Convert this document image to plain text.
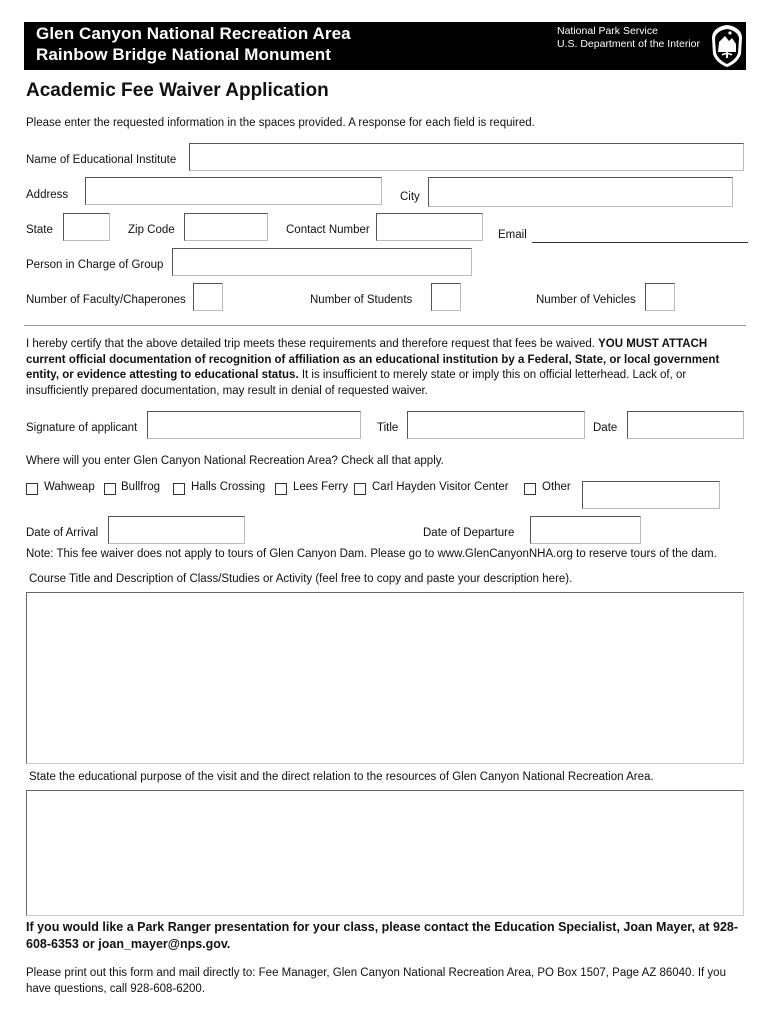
Glen Canyon National Recreation Area
Rainbow Bridge National Monument
National Park Service
U.S. Department of the Interior
Academic Fee Waiver Application
Please enter the requested information in the spaces provided. A response for each field is required.
Name of Educational Institute
Address	City
State	Zip Code	Contact Number	Email
Person in Charge of Group
Number of Faculty/Chaperones	Number of Students	Number of Vehicles
I hereby certify that the above detailed trip meets these requirements and therefore request that fees be waived. YOU MUST ATTACH current official documentation of recognition of affiliation as an educational institution by a Federal, State, or local government entity, or evidence attesting to educational status. It is insufficient to merely state or imply this on official letterhead. Lack of, or insufficiently prepared documentation, may result in denial of requested waiver.
Signature of applicant	Title	Date
Where will you enter Glen Canyon National Recreation Area? Check all that apply.
Wahweap Bullfrog	Halls Crossing Lees Ferry Carl Hayden Visitor Center	Other
Date of Arrival	Date of Departure
Note: This fee waiver does not apply to tours of Glen Canyon Dam. Please go to www.GlenCanyonNHA.org to reserve tours of the dam.
Course Title and Description of Class/Studies or Activity (feel free to copy and paste your description here).
State the educational purpose of the visit and the direct relation to the resources of Glen Canyon National Recreation Area.
If you would like a Park Ranger presentation for your class, please contact the Education Specialist, Joan Mayer, at 928-608-6353 or joan_mayer@nps.gov.
Please print out this form and mail directly to: Fee Manager, Glen Canyon National Recreation Area, PO Box 1507, Page AZ 86040. If you have questions, call 928-608-6200.
